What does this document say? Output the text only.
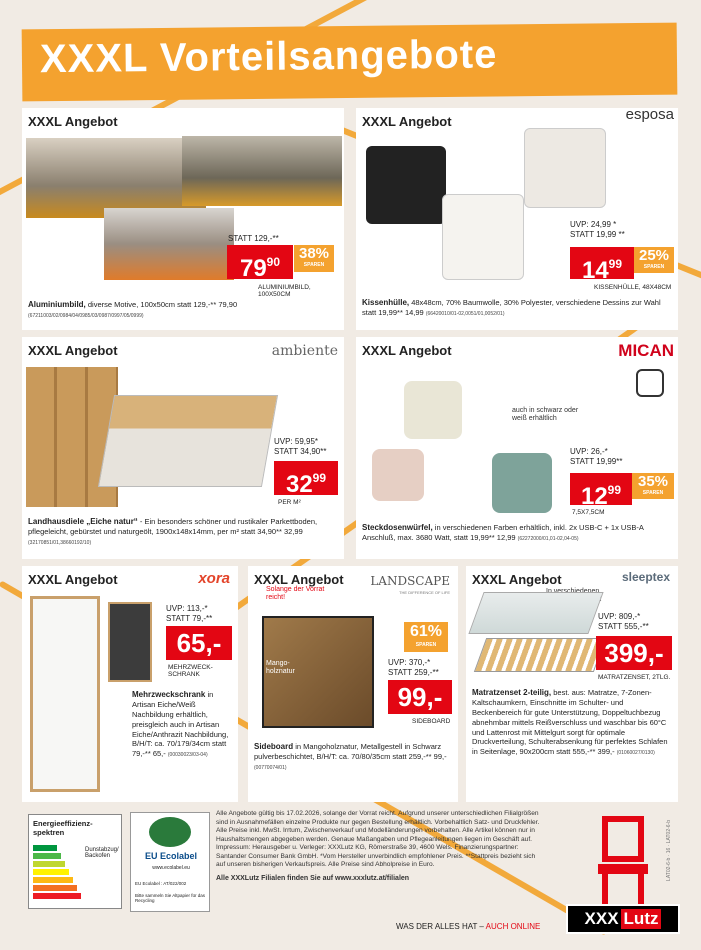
XXXL Vorteilsangebote
XXXL Angebot
STATT 129,-**
$79^{90}$	38%
SPAREN
ALUMINIUMBILD, 100X50CM
Aluminiumbild, diverse Motive, 100x50cm statt 129,-** 79,90
(67211003/02/0984/04/0985/03/0987/0997/05/0999)
XXXL Angebot	esposa
UVP: 24,99 *
STATT 19,99 **
$14^{99}$	25%
SPAREN
KISSENHÜLLE, 48X48CM
Kissenhülle, 48x48cm, 70% Baumwolle, 30% Polyester, verschiedene Dessins zur Wahl statt 19,99** 14,99 (66420010/01-02,0051/01,0052/01)
XXXL Angebot	ambiente
UVP: 59,95*
STATT 34,90**
$32^{99}$
PER M²
Landhausdiele „Eiche natur“ - Ein besonders schöner und rustikaler Parkettboden, pflegeleicht, gebürstet und naturgeölt, 1900x148x14mm, per m² statt 34,90** 32,99 (32170851/01,38660192/10)
XXXL Angebot	MICAN
auch in schwarz oder weiß erhältlich
UVP: 26,-*
STATT 19,99**
$12^{99}$	35%
SPAREN
7,5X7,5CM
Steckdosenwürfel, in verschiedenen Farben erhältlich, inkl. 2x USB-C + 1x USB-A Anschluß, max. 3680 Watt, statt 19,99** 12,99 (62272000/01,01-02,04-05)
XXXL Angebot	xora
UVP: 113,-*
STATT 79,-**
65,-
MEHRZWECK-SCHRANK
Mehrzweckschrank in Artisan Eiche/Weiß Nachbildung erhältlich, preisgleich auch in Artisan Eiche/Anthrazit Nachbildung, B/H/T: ca. 70/179/34cm statt 79,-** 65,- (00030023/03-04)
XXXL Angebot LANDSCAPE
THE DIFFERENCE OF LIFE
Solange der Vorrat reicht!
Mango-holznatur
61%
SPAREN
UVP: 370,-*
STATT 259,-**
99,-
SIDEBOARD
Sideboard in Mangoholznatur, Metallgestell in Schwarz pulverbeschichtet, B/H/T: ca. 70/80/35cm statt 259,-** 99,- (00770074/01)
XXXL Angebot	sleeptex
UVP: 809,-*
STATT 555,-**
399,-
MATRATZENSET, 2TLG.
Matratzenset 2-teilig, best. aus: Matratze, 7-Zonen-Kaltschaumkern, Einschnitte im Schulter- und Beckenbereich für gute Unterstützung, Doppeltuchbezug abnehmbar mittels Reißverschluss und waschbar bis 60°C und Lattenrost mit Mittelgurt sorgt für optimale Druckverteilung, Schulterabsenkung für perfektes Schlafen in Seitenlage, 90x200cm statt 555,-** 399,- (01060027/0130)
Energieeffizienz-spektren
Dunstabzug/ Backofen	EU Ecolabel
www.ecolabel.eu
EU Ecolabel : AT/022/002
Bitte sammeln Sie Altpapier für das Recycling
Alle Angebote gültig bis 17.02.2026, solange der Vorrat reicht. Aufgrund unserer unterschiedlichen Filialgrößen sind in Ausnahmefällen einzelne Produkte nur gegen Bestellung erhältlich. Vorbehaltlich Satz- und Druckfehler. Alle Preise inkl. MwSt. Irrtum, Zwischenverkauf und Modelländerungen vorbehalten. Alle Artikel können nur in Haushaltsmengen abgegeben werden. Genaue Maßangaben und Pflegeanleitungen liegen im Geschäft auf. Impressum: Herausgeber u. Verleger: XXXLutz KG, Römerstraße 39, 4600 Wels. Finanzierungspartner: Santander Consumer Bank GmbH. *Vom Hersteller unverbindlich empfohlener Preis. **Stattpreis bezieht sich auf unseren bisherigen Verkaufspreis. Alle Preise sind Abholpreise in Euro.

Alle XXXLutz Filialen finden Sie auf www.xxxlutz.at/filialen	LAT02-6-b · 16 · LAT02-6-b
WAS DER ALLES HAT – AUCH ONLINE	XXX Lutz
